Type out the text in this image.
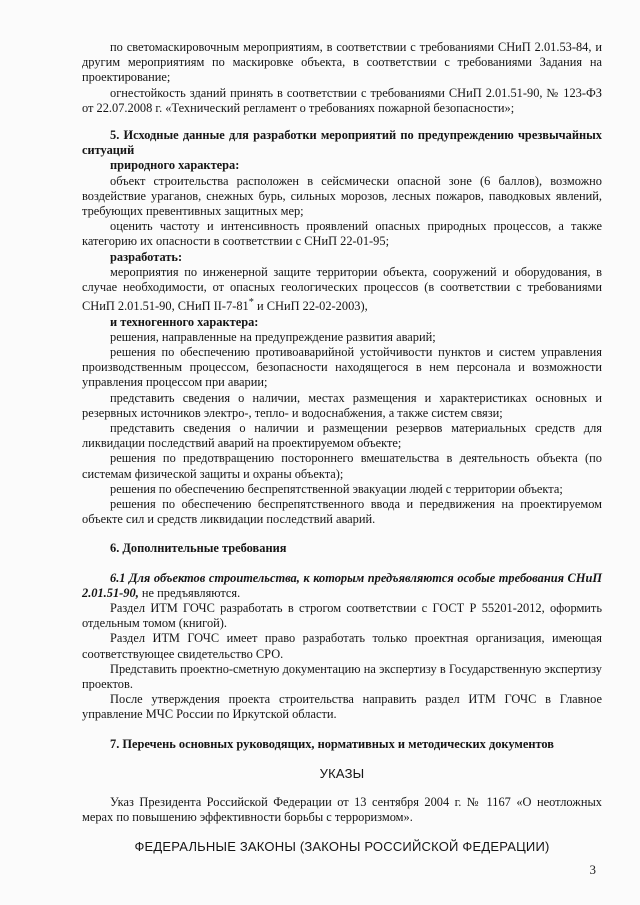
по светомаскировочным мероприятиям, в соответствии с требованиями СНиП 2.01.53-84, и другим мероприятиям по маскировке объекта, в соответствии с требованиями Задания на проектирование;

огнестойкость зданий принять в соответствии с требованиями СНиП 2.01.51-90, № 123-ФЗ от 22.07.2008 г. «Технический регламент о требованиях пожарной безопасности»;

5. Исходные данные для разработки мероприятий по предупреждению чрезвычайных ситуаций

природного характера:

объект строительства расположен в сейсмически опасной зоне (6 баллов), возможно воздействие ураганов, снежных бурь, сильных морозов, лесных пожаров, паводковых явлений, требующих превентивных защитных мер;

оценить частоту и интенсивность проявлений опасных природных процессов, а также категорию их опасности в соответствии с СНиП 22-01-95;

разработать:

мероприятия по инженерной защите территории объекта, сооружений и оборудования, в случае необходимости, от опасных геологических процессов (в соответствии с требованиями СНиП 2.01.51-90, СНиП II-7-81* и СНиП 22-02-2003),

и техногенного характера:

решения, направленные на предупреждение развития аварий;

решения по обеспечению противоаварийной устойчивости пунктов и систем управления производственным процессом, безопасности находящегося в нем персонала и возможности управления процессом при аварии;

представить сведения о наличии, местах размещения и характеристиках основных и резервных источников электро-, тепло- и водоснабжения, а также систем связи;

представить сведения о наличии и размещении резервов материальных средств для ликвидации последствий аварий на проектируемом объекте;

решения по предотвращению постороннего вмешательства в деятельность объекта (по системам физической защиты и охраны объекта);

решения по обеспечению беспрепятственной эвакуации людей с территории объекта;

решения по обеспечению беспрепятственного ввода и передвижения на проектируемом объекте сил и средств ликвидации последствий аварий.

6. Дополнительные требования

6.1 Для объектов строительства, к которым предъявляются особые требования СНиП 2.01.51-90, не предъявляются.

Раздел ИТМ ГОЧС разработать в строгом соответствии с ГОСТ Р 55201-2012, оформить отдельным томом (книгой).

Раздел ИТМ ГОЧС имеет право разработать только проектная организация, имеющая соответствующее свидетельство СРО.

Представить проектно-сметную документацию на экспертизу в Государственную экспертизу проектов.

После утверждения проекта строительства направить раздел ИТМ ГОЧС в Главное управление МЧС России по Иркутской области.

7. Перечень основных руководящих, нормативных и методических документов

УКАЗЫ

Указ Президента Российской Федерации от 13 сентября 2004 г. № 1167 «О неотложных мерах по повышению эффективности борьбы с терроризмом».

ФЕДЕРАЛЬНЫЕ ЗАКОНЫ (ЗАКОНЫ РОССИЙСКОЙ ФЕДЕРАЦИИ)

3
